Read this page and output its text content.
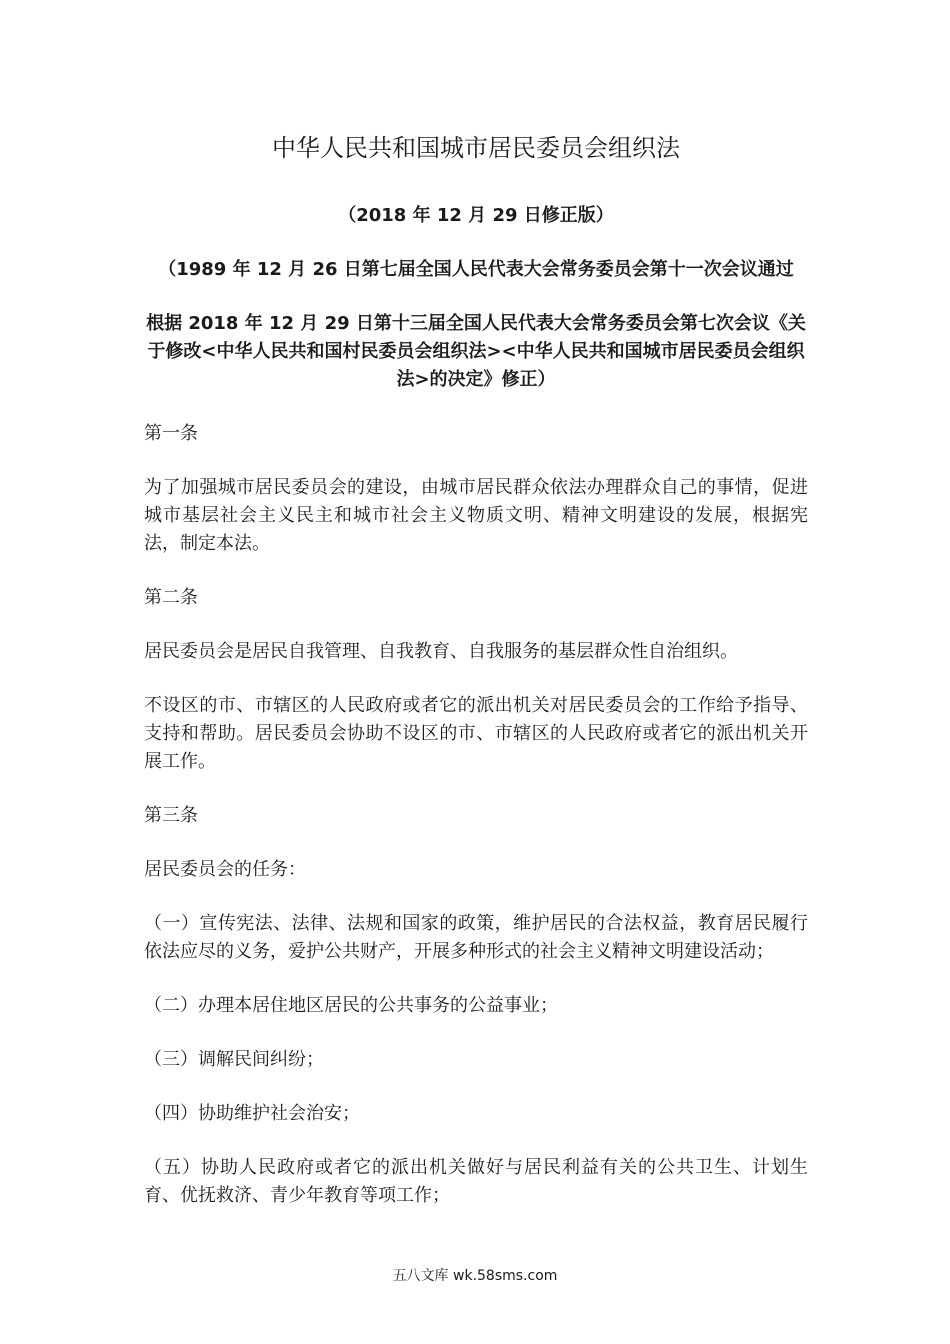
中华人民共和国城市居民委员会组织法

（2018 年 12 月 29 日修正版）

（1989 年 12 月 26 日第七届全国人民代表大会常务委员会第十一次会议通过

根据 2018 年 12 月 29 日第十三届全国人民代表大会常务委员会第七次会议《关于修改<中华人民共和国村民委员会组织法><中华人民共和国城市居民委员会组织法>的决定》修正）

第一条

为了加强城市居民委员会的建设，由城市居民群众依法办理群众自己的事情，促进城市基层社会主义民主和城市社会主义物质文明、精神文明建设的发展，根据宪法，制定本法。

第二条

居民委员会是居民自我管理、自我教育、自我服务的基层群众性自治组织。

不设区的市、市辖区的人民政府或者它的派出机关对居民委员会的工作给予指导、支持和帮助。居民委员会协助不设区的市、市辖区的人民政府或者它的派出机关开展工作。

第三条

居民委员会的任务：

（一）宣传宪法、法律、法规和国家的政策，维护居民的合法权益，教育居民履行依法应尽的义务，爱护公共财产，开展多种形式的社会主义精神文明建设活动；

（二）办理本居住地区居民的公共事务的公益事业；

（三）调解民间纠纷；

（四）协助维护社会治安；

（五）协助人民政府或者它的派出机关做好与居民利益有关的公共卫生、计划生育、优抚救济、青少年教育等项工作；

五八文库 wk.58sms.com
